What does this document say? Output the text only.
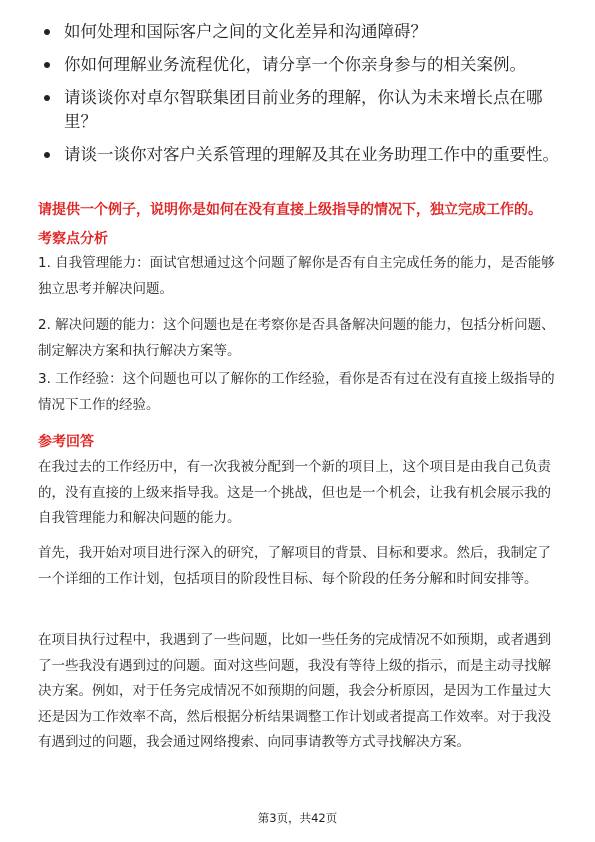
如何处理和国际客户之间的文化差异和沟通障碍？
你如何理解业务流程优化，请分享一个你亲身参与的相关案例。
请谈谈你对卓尔智联集团目前业务的理解，你认为未来增长点在哪里？
请谈一谈你对客户关系管理的理解及其在业务助理工作中的重要性。
请提供一个例子，说明你是如何在没有直接上级指导的情况下，独立完成工作的。
考察点分析

1. 自我管理能力：面试官想通过这个问题了解你是否有自主完成任务的能力，是否能够独立思考并解决问题。

2. 解决问题的能力：这个问题也是在考察你是否具备解决问题的能力，包括分析问题、制定解决方案和执行解决方案等。

3. 工作经验：这个问题也可以了解你的工作经验，看你是否有过在没有直接上级指导的情况下工作的经验。

参考回答

在我过去的工作经历中，有一次我被分配到一个新的项目上，这个项目是由我自己负责的，没有直接的上级来指导我。这是一个挑战，但也是一个机会，让我有机会展示我的自我管理能力和解决问题的能力。

首先，我开始对项目进行深入的研究，了解项目的背景、目标和要求。然后，我制定了一个详细的工作计划，包括项目的阶段性目标、每个阶段的任务分解和时间安排等。

在项目执行过程中，我遇到了一些问题，比如一些任务的完成情况不如预期，或者遇到了一些我没有遇到过的问题。面对这些问题，我没有等待上级的指示，而是主动寻找解决方案。例如，对于任务完成情况不如预期的问题，我会分析原因，是因为工作量过大还是因为工作效率不高，然后根据分析结果调整工作计划或者提高工作效率。对于我没有遇到过的问题，我会通过网络搜索、向同事请教等方式寻找解决方案。

第3页，共42页
